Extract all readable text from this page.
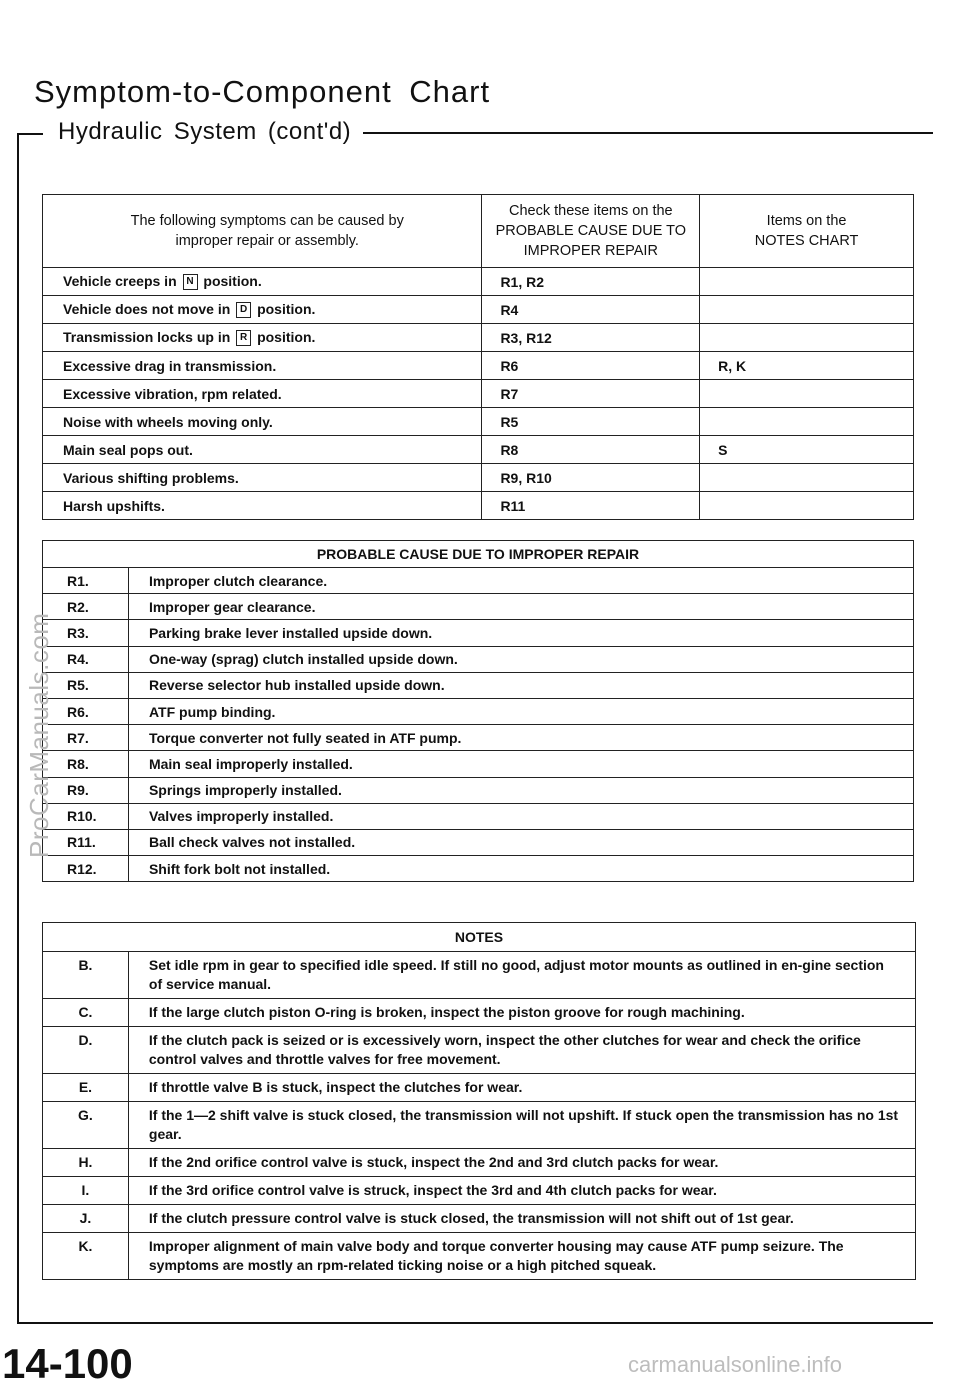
Symptom-to-Component Chart
Hydraulic System (cont'd)
The following symptoms can be caused by improper repair or assembly.	Check these items on the PROBABLE CAUSE DUE TO IMPROPER REPAIR	Items on the NOTES CHART
Vehicle creeps in N position.	R1, R2	
Vehicle does not move in D position.	R4	
Transmission locks up in R position.	R3, R12	
Excessive drag in transmission.	R6	R, K
Excessive vibration, rpm related.	R7	
Noise with wheels moving only.	R5	
Main seal pops out.	R8	S
Various shifting problems.	R9, R10	
Harsh upshifts.	R11	
PROBABLE CAUSE DUE TO IMPROPER REPAIR	
R1.	Improper clutch clearance.
R2.	Improper gear clearance.
R3.	Parking brake lever installed upside down.
R4.	One-way (sprag) clutch installed upside down.
R5.	Reverse selector hub installed upside down.
R6.	ATF pump binding.
R7.	Torque converter not fully seated in ATF pump.
R8.	Main seal improperly installed.
R9.	Springs improperly installed.
R10.	Valves improperly installed.
R11.	Ball check valves not installed.
R12.	Shift fork bolt not installed.
NOTES	
B.	Set idle rpm in gear to specified idle speed. If still no good, adjust motor mounts as outlined in en-gine section of service manual.
C.	If the large clutch piston O-ring is broken, inspect the piston groove for rough machining.
D.	If the clutch pack is seized or is excessively worn, inspect the other clutches for wear and check the orifice control valves and throttle valves for free movement.
E.	If throttle valve B is stuck, inspect the clutches for wear.
G.	If the 1—2 shift valve is stuck closed, the transmission will not upshift. If stuck open the transmission has no 1st gear.
H.	If the 2nd orifice control valve is stuck, inspect the 2nd and 3rd clutch packs for wear.
I.	If the 3rd orifice control valve is struck, inspect the 3rd and 4th clutch packs for wear.
J.	If the clutch pressure control valve is stuck closed, the transmission will not shift out of 1st gear.
K.	Improper alignment of main valve body and torque converter housing may cause ATF pump seizure. The symptoms are mostly an rpm-related ticking noise or a high pitched squeak.
ProCarManuals.com
14-100	carmanualsonline.info
